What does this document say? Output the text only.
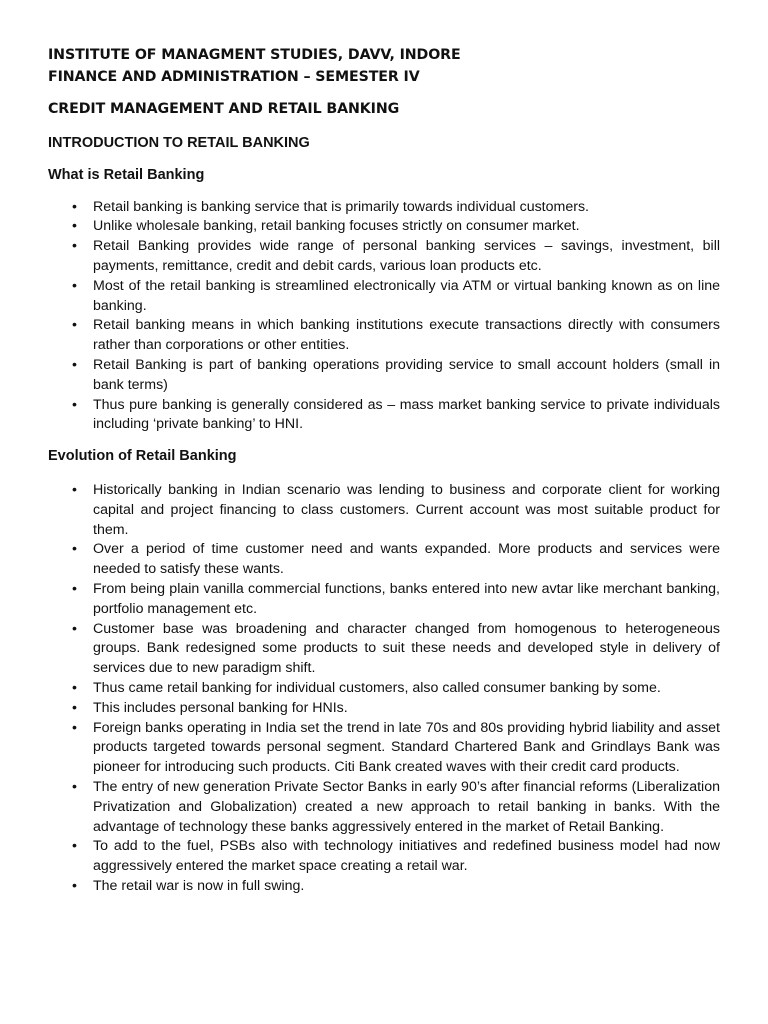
INSTITUTE OF MANAGMENT STUDIES, DAVV, INDORE

FINANCE AND ADMINISTRATION – SEMESTER IV

CREDIT MANAGEMENT AND RETAIL BANKING

INTRODUCTION TO RETAIL BANKING

What is Retail Banking

• Retail banking is banking service that is primarily towards individual customers.
• Unlike wholesale banking, retail banking focuses strictly on consumer market.
• Retail Banking provides wide range of personal banking services – savings, investment, bill payments, remittance, credit and debit cards, various loan products etc.
• Most of the retail banking is streamlined electronically via ATM or virtual banking known as on line banking.
• Retail banking means in which banking institutions execute transactions directly with consumers rather than corporations or other entities.
• Retail Banking is part of banking operations providing service to small account holders (small in bank terms)
• Thus pure banking is generally considered as – mass market banking service to private individuals including ‘private banking’ to HNI.

Evolution of Retail Banking

• Historically banking in Indian scenario was lending to business and corporate client for working capital and project financing to class customers. Current account was most suitable product for them.
• Over a period of time customer need and wants expanded. More products and services were needed to satisfy these wants.
• From being plain vanilla commercial functions, banks entered into new avtar like merchant banking, portfolio management etc.
• Customer base was broadening and character changed from homogenous to heterogeneous groups. Bank redesigned some products to suit these needs and developed style in delivery of services due to new paradigm shift.
• Thus came retail banking for individual customers, also called consumer banking by some.
• This includes personal banking for HNIs.
• Foreign banks operating in India set the trend in late 70s and 80s providing hybrid liability and asset products targeted towards personal segment. Standard Chartered Bank and Grindlays Bank was pioneer for introducing such products. Citi Bank created waves with their credit card products.
• The entry of new generation Private Sector Banks in early 90’s after financial reforms (Liberalization Privatization and Globalization) created a new approach to retail banking in banks. With the advantage of technology these banks aggressively entered in the market of Retail Banking.
• To add to the fuel, PSBs also with technology initiatives and redefined business model had now aggressively entered the market space creating a retail war.
• The retail war is now in full swing.
